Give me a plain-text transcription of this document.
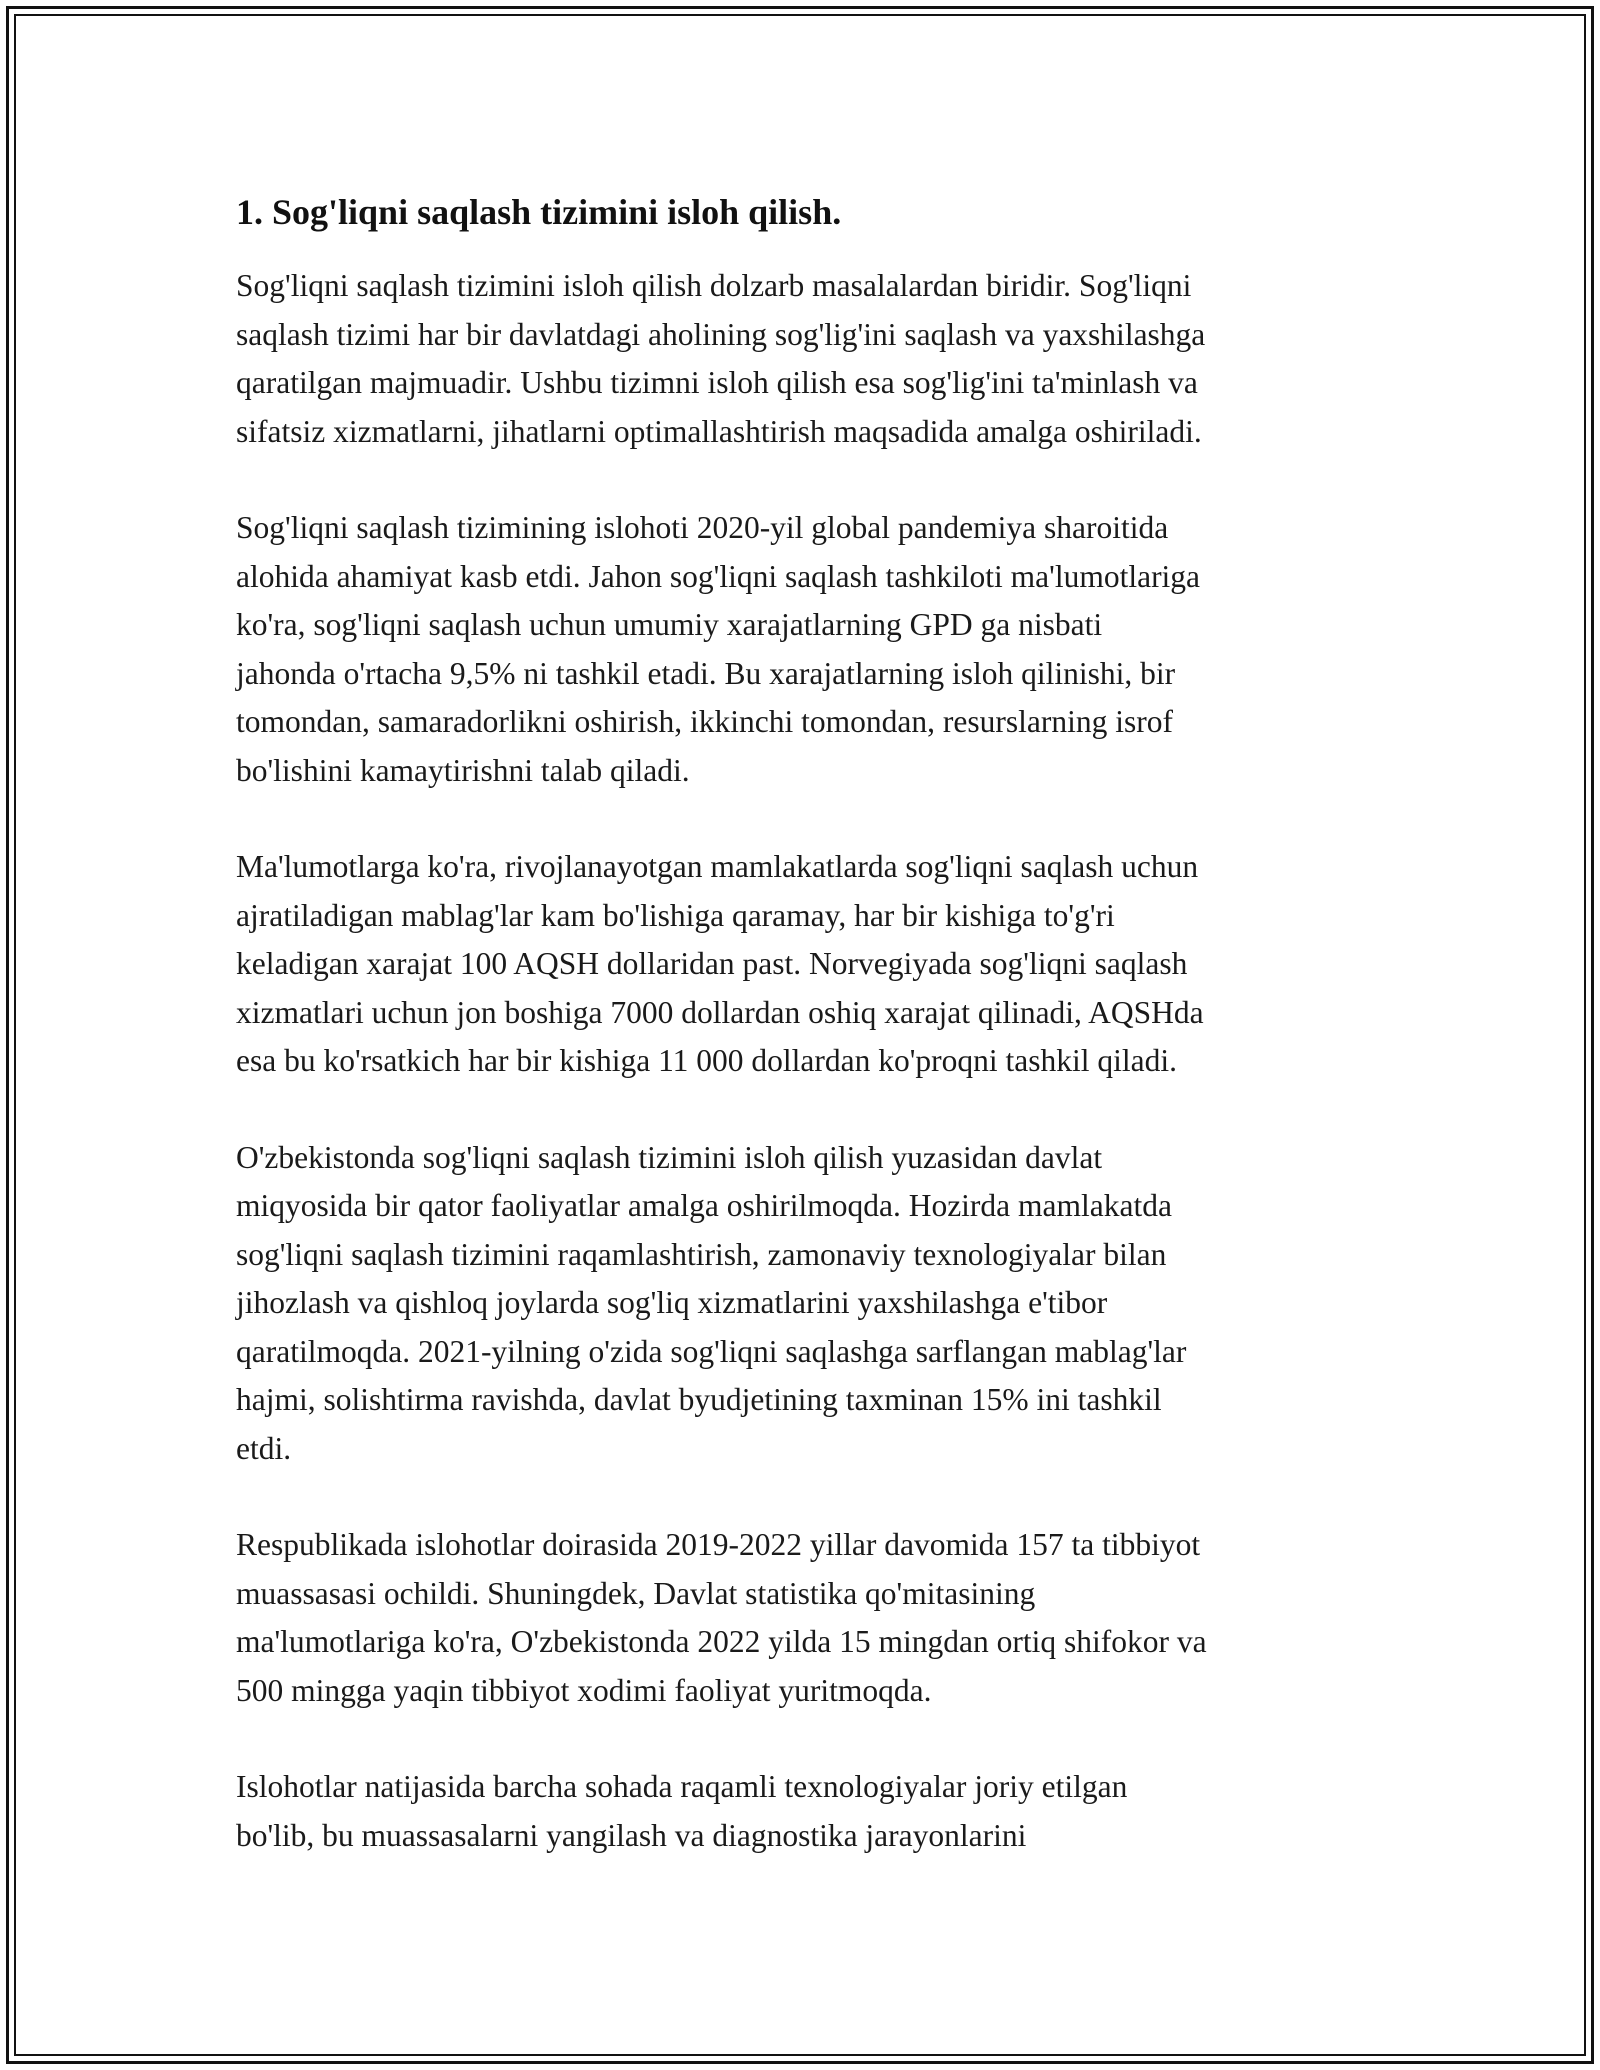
1. Sog'liqni saqlash tizimini isloh qilish.

Sog'liqni saqlash tizimini isloh qilish dolzarb masalalardan biridir. Sog'liqni
saqlash tizimi har bir davlatdagi aholining sog'lig'ini saqlash va yaxshilashga
qaratilgan majmuadir. Ushbu tizimni isloh qilish esa sog'lig'ini ta'minlash va
sifatsiz xizmatlarni, jihatlarni optimallashtirish maqsadida amalga oshiriladi.

Sog'liqni saqlash tizimining islohoti 2020-yil global pandemiya sharoitida
alohida ahamiyat kasb etdi. Jahon sog'liqni saqlash tashkiloti ma'lumotlariga
ko'ra, sog'liqni saqlash uchun umumiy xarajatlarning GPD ga nisbati
jahonda o'rtacha 9,5% ni tashkil etadi. Bu xarajatlarning isloh qilinishi, bir
tomondan, samaradorlikni oshirish, ikkinchi tomondan, resurslarning isrof
bo'lishini kamaytirishni talab qiladi.

Ma'lumotlarga ko'ra, rivojlanayotgan mamlakatlarda sog'liqni saqlash uchun
ajratiladigan mablag'lar kam bo'lishiga qaramay, har bir kishiga to'g'ri
keladigan xarajat 100 AQSH dollaridan past. Norvegiyada sog'liqni saqlash
xizmatlari uchun jon boshiga 7000 dollardan oshiq xarajat qilinadi, AQSHda
esa bu ko'rsatkich har bir kishiga 11 000 dollardan ko'proqni tashkil qiladi.

O'zbekistonda sog'liqni saqlash tizimini isloh qilish yuzasidan davlat
miqyosida bir qator faoliyatlar amalga oshirilmoqda. Hozirda mamlakatda
sog'liqni saqlash tizimini raqamlashtirish, zamonaviy texnologiyalar bilan
jihozlash va qishloq joylarda sog'liq xizmatlarini yaxshilashga e'tibor
qaratilmoqda. 2021-yilning o'zida sog'liqni saqlashga sarflangan mablag'lar
hajmi, solishtirma ravishda, davlat byudjetining taxminan 15% ini tashkil
etdi.

Respublikada islohotlar doirasida 2019-2022 yillar davomida 157 ta tibbiyot
muassasasi ochildi. Shuningdek, Davlat statistika qo'mitasining
ma'lumotlariga ko'ra, O'zbekistonda 2022 yilda 15 mingdan ortiq shifokor va
500 mingga yaqin tibbiyot xodimi faoliyat yuritmoqda.

Islohotlar natijasida barcha sohada raqamli texnologiyalar joriy etilgan
bo'lib, bu muassasalarni yangilash va diagnostika jarayonlarini
